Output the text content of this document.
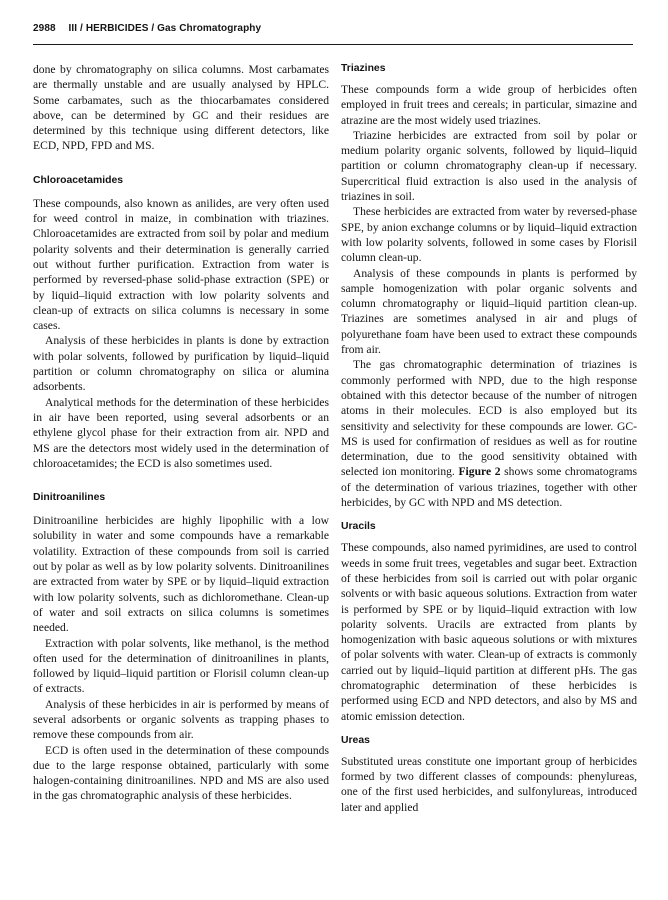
2988 III / HERBICIDES / Gas Chromatography

done by chromatography on silica columns. Most carbamates are thermally unstable and are usually analysed by HPLC. Some carbamates, such as the thiocarbamates considered above, can be determined by GC and their residues are determined by this technique using different detectors, like ECD, NPD, FPD and MS.

Chloroacetamides

These compounds, also known as anilides, are very often used for weed control in maize, in combination with triazines. Chloroacetamides are extracted from soil by polar and medium polarity solvents and their determination is generally carried out without further purification. Extraction from water is performed by reversed-phase solid-phase extraction (SPE) or by liquid–liquid extraction with low polarity solvents and clean-up of extracts on silica columns is necessary in some cases.

Analysis of these herbicides in plants is done by extraction with polar solvents, followed by purification by liquid–liquid partition or column chromatography on silica or alumina adsorbents.

Analytical methods for the determination of these herbicides in air have been reported, using several adsorbents or an ethylene glycol phase for their extraction from air. NPD and MS are the detectors most widely used in the determination of chloroacetamides; the ECD is also sometimes used.

Dinitroanilines

Dinitroaniline herbicides are highly lipophilic with a low solubility in water and some compounds have a remarkable volatility. Extraction of these compounds from soil is carried out by polar as well as by low polarity solvents. Dinitroanilines are extracted from water by SPE or by liquid–liquid extraction with low polarity solvents, such as dichloromethane. Clean-up of water and soil extracts on silica columns is sometimes needed.

Extraction with polar solvents, like methanol, is the method often used for the determination of dinitroanilines in plants, followed by liquid–liquid partition or Florisil column clean-up of extracts.

Analysis of these herbicides in air is performed by means of several adsorbents or organic solvents as trapping phases to remove these compounds from air.

ECD is often used in the determination of these compounds due to the large response obtained, particularly with some halogen-containing dinitroanilines. NPD and MS are also used in the gas chromatographic analysis of these herbicides.

Triazines

These compounds form a wide group of herbicides often employed in fruit trees and cereals; in particular, simazine and atrazine are the most widely used triazines.

Triazine herbicides are extracted from soil by polar or medium polarity organic solvents, followed by liquid–liquid partition or column chromatography clean-up if necessary. Supercritical fluid extraction is also used in the analysis of triazines in soil.

These herbicides are extracted from water by reversed-phase SPE, by anion exchange columns or by liquid–liquid extraction with low polarity solvents, followed in some cases by Florisil column clean-up.

Analysis of these compounds in plants is performed by sample homogenization with polar organic solvents and column chromatography or liquid–liquid partition clean-up. Triazines are sometimes analysed in air and plugs of polyurethane foam have been used to extract these compounds from air.

The gas chromatographic determination of triazines is commonly performed with NPD, due to the high response obtained with this detector because of the number of nitrogen atoms in their molecules. ECD is also employed but its sensitivity and selectivity for these compounds are lower. GC-MS is used for confirmation of residues as well as for routine determination, due to the good sensitivity obtained with selected ion monitoring. Figure 2 shows some chromatograms of the determination of various triazines, together with other herbicides, by GC with NPD and MS detection.

Uracils

These compounds, also named pyrimidines, are used to control weeds in some fruit trees, vegetables and sugar beet. Extraction of these herbicides from soil is carried out with polar organic solvents or with basic aqueous solutions. Extraction from water is performed by SPE or by liquid–liquid extraction with low polarity solvents. Uracils are extracted from plants by homogenization with basic aqueous solutions or with mixtures of polar solvents with water. Clean-up of extracts is commonly carried out by liquid–liquid partition at different pHs. The gas chromatographic determination of these herbicides is performed using ECD and NPD detectors, and also by MS and atomic emission detection.

Ureas

Substituted ureas constitute one important group of herbicides formed by two different classes of compounds: phenylureas, one of the first used herbicides, and sulfonylureas, introduced later and applied
